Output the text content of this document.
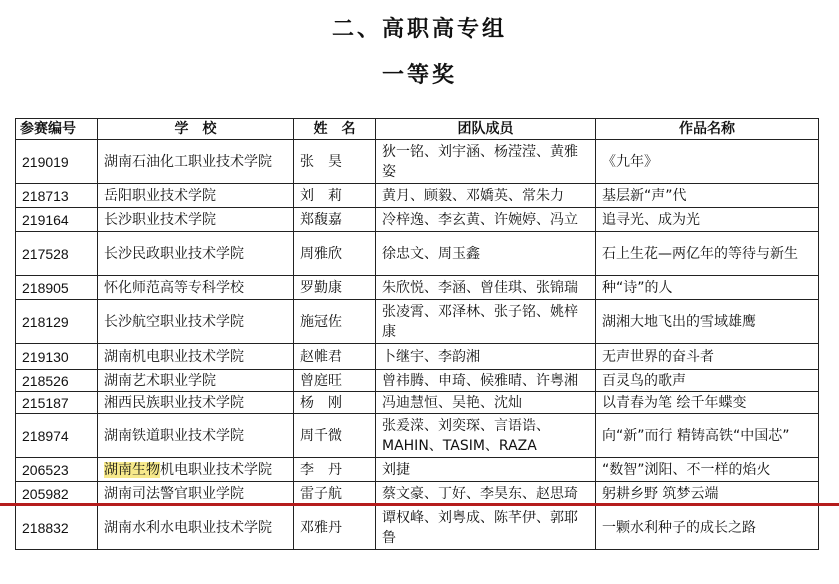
二、高职高专组
一等奖
参赛编号	学　校	姓　名	团队成员	作品名称
219019	湖南石油化工职业技术学院	张　昊	狄一铭、刘宇涵、杨滢滢、黄雅姿	《九年》
218713	岳阳职业技术学院	刘　莉	黄月、顾毅、邓嬌英、常朱力	基层新“声”代
219164	长沙职业技术学院	郑馥嘉	冷梓逸、李玄黄、许婉婷、冯立	追寻光、成为光
217528	长沙民政职业技术学院	周雅欣	徐忠文、周玉鑫	石上生花—两亿年的等待与新生
218905	怀化师范高等专科学校	罗勤康	朱欣悦、李涵、曾佳琪、张锦瑞	种“诗”的人
218129	长沙航空职业技术学院	施冠佐	张凌霄、邓泽林、张子铭、姚梓康	湖湘大地飞出的雪域雄鹰
219130	湖南机电职业技术学院	赵帷君	卜继宇、李韵湘	无声世界的奋斗者
218526	湖南艺术职业学院	曾庭旺	曾祎腾、申琦、候雅晴、许粤湘	百灵鸟的歌声
215187	湘西民族职业技术学院	杨　刚	冯迪慧恒、吴艳、沈灿	以青春为笔 绘千年蝶变
218974	湖南铁道职业技术学院	周千微	张爰溁、刘奕琛、言语诰、MAHIN、TASIM、RAZA	向“新”而行 精铸高铁“中国芯”
206523	湖南生物机电职业技术学院	李　丹	刘捷	“数智”浏阳、不一样的焰火
205982	湖南司法警官职业学院	雷子航	蔡文豪、丁好、李昊东、赵思琦	躬耕乡野 筑梦云端
218832	湖南水利水电职业技术学院	邓雅丹	谭权峰、刘粤成、陈芊伊、郭耶鲁	一颗水利种子的成长之路
